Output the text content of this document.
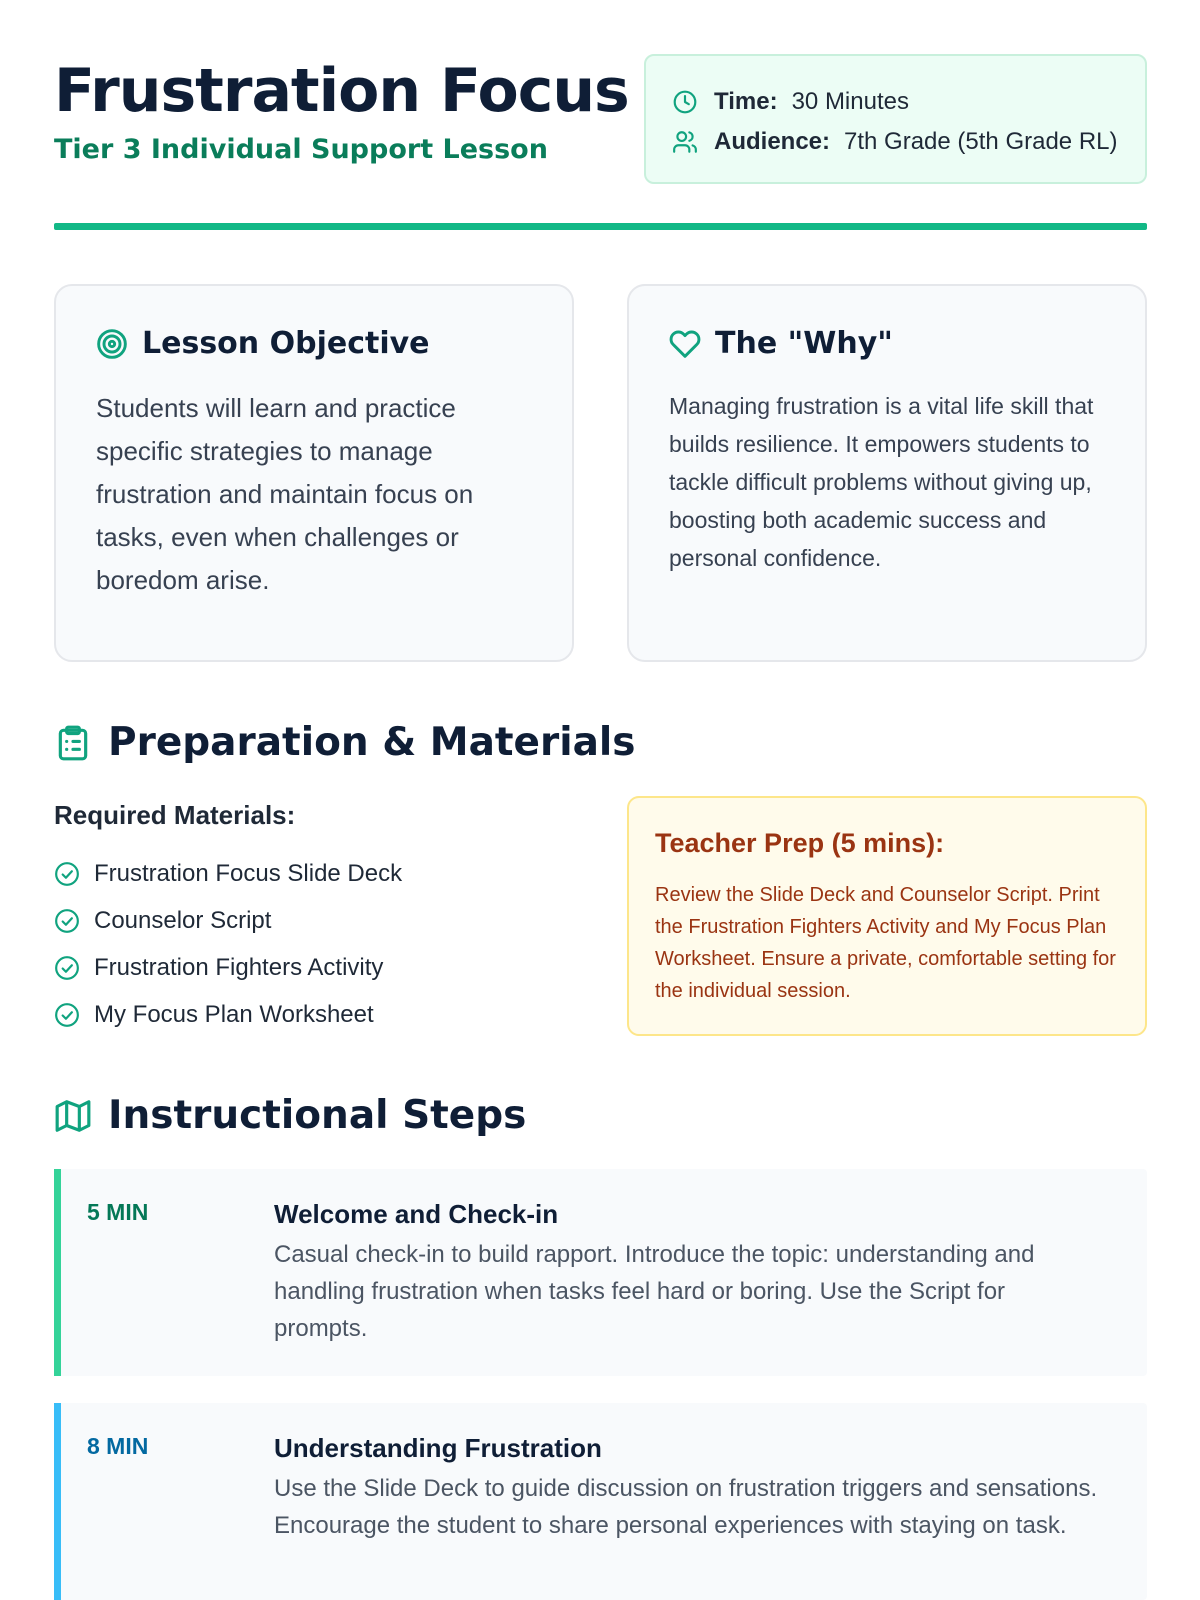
Frustration Focus
Tier 3 Individual Support Lesson
Time: 30 Minutes
Audience: 7th Grade (5th Grade RL)
Lesson Objective

Students will learn and practice specific strategies to manage frustration and maintain focus on tasks, even when challenges or boredom arise.

The "Why"

Managing frustration is a vital life skill that builds resilience. It empowers students to tackle difficult problems without giving up, boosting both academic success and personal confidence.

Preparation & Materials
Required Materials:
Frustration Focus Slide Deck
Counselor Script
Frustration Fighters Activity
My Focus Plan Worksheet
Teacher Prep (5 mins):

Review the Slide Deck and Counselor Script. Print the Frustration Fighters Activity and My Focus Plan Worksheet. Ensure a private, comfortable setting for the individual session.

Instructional Steps
5 MIN	Welcome and Check-in

Casual check-in to build rapport. Introduce the topic: understanding and handling frustration when tasks feel hard or boring. Use the Script for prompts.

8 MIN	Understanding Frustration

Use the Slide Deck to guide discussion on frustration triggers and sensations. Encourage the student to share personal experiences with staying on task.
